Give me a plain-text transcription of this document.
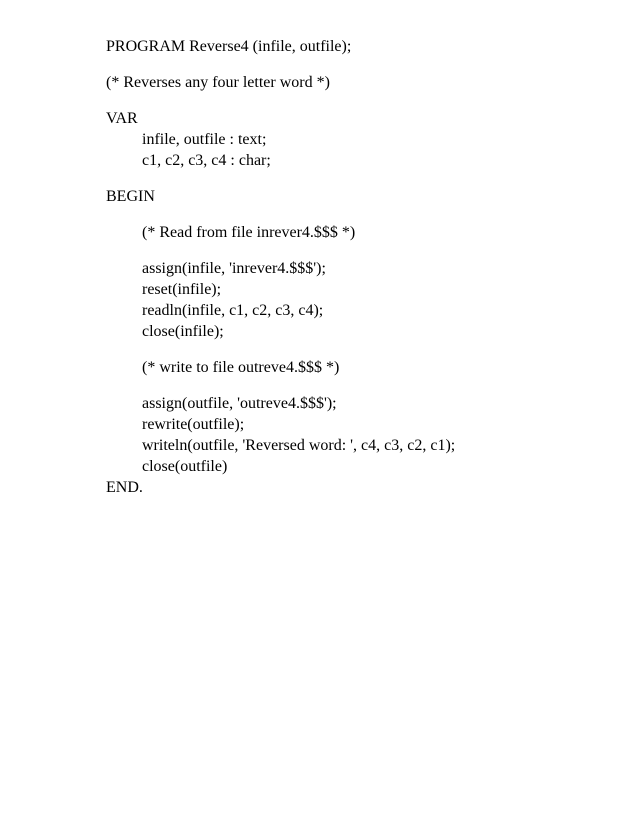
PROGRAM Reverse4 (infile, outfile);
(* Reverses any four letter word *)
VAR
infile, outfile : text;
c1, c2, c3, c4 : char;
BEGIN
(* Read from file inrever4.$$$ *)
assign(infile, 'inrever4.$$$');
reset(infile);
readln(infile, c1, c2, c3, c4);
close(infile);
(* write to file outreve4.$$$ *)
assign(outfile, 'outreve4.$$$');
rewrite(outfile);
writeln(outfile, 'Reversed word: ', c4, c3, c2, c1);
close(outfile)
END.
